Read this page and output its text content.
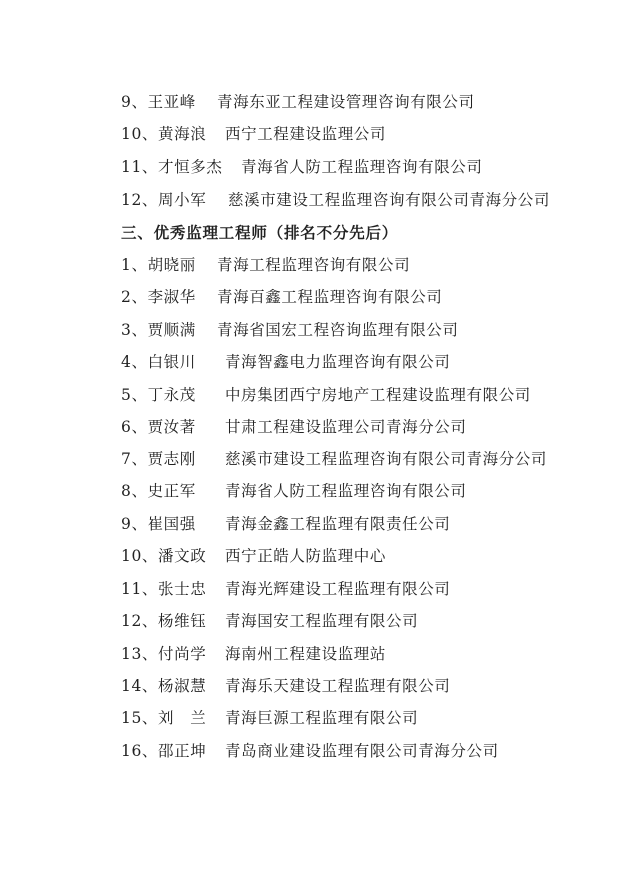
9、王亚峰 青海东亚工程建设管理咨询有限公司
10、黄海浪 西宁工程建设监理公司
11、才恒多杰 青海省人防工程监理咨询有限公司
12、周小军 慈溪市建设工程监理咨询有限公司青海分公司
三、优秀监理工程师（排名不分先后）
1、胡晓丽 青海工程监理咨询有限公司
2、李淑华 青海百鑫工程监理咨询有限公司
3、贾顺满 青海省国宏工程咨询监理有限公司
4、白银川 青海智鑫电力监理咨询有限公司
5、丁永茂 中房集团西宁房地产工程建设监理有限公司
6、贾汝著 甘肃工程建设监理公司青海分公司
7、贾志刚 慈溪市建设工程监理咨询有限公司青海分公司
8、史正军 青海省人防工程监理咨询有限公司
9、崔国强 青海金鑫工程监理有限责任公司
10、潘文政 西宁正皓人防监理中心
11、张士忠 青海光辉建设工程监理有限公司
12、杨维钰 青海国安工程监理有限公司
13、付尚学 海南州工程建设监理站
14、杨淑慧 青海乐天建设工程监理有限公司
15、刘　兰 青海巨源工程监理有限公司
16、邵正坤 青岛商业建设监理有限公司青海分公司
